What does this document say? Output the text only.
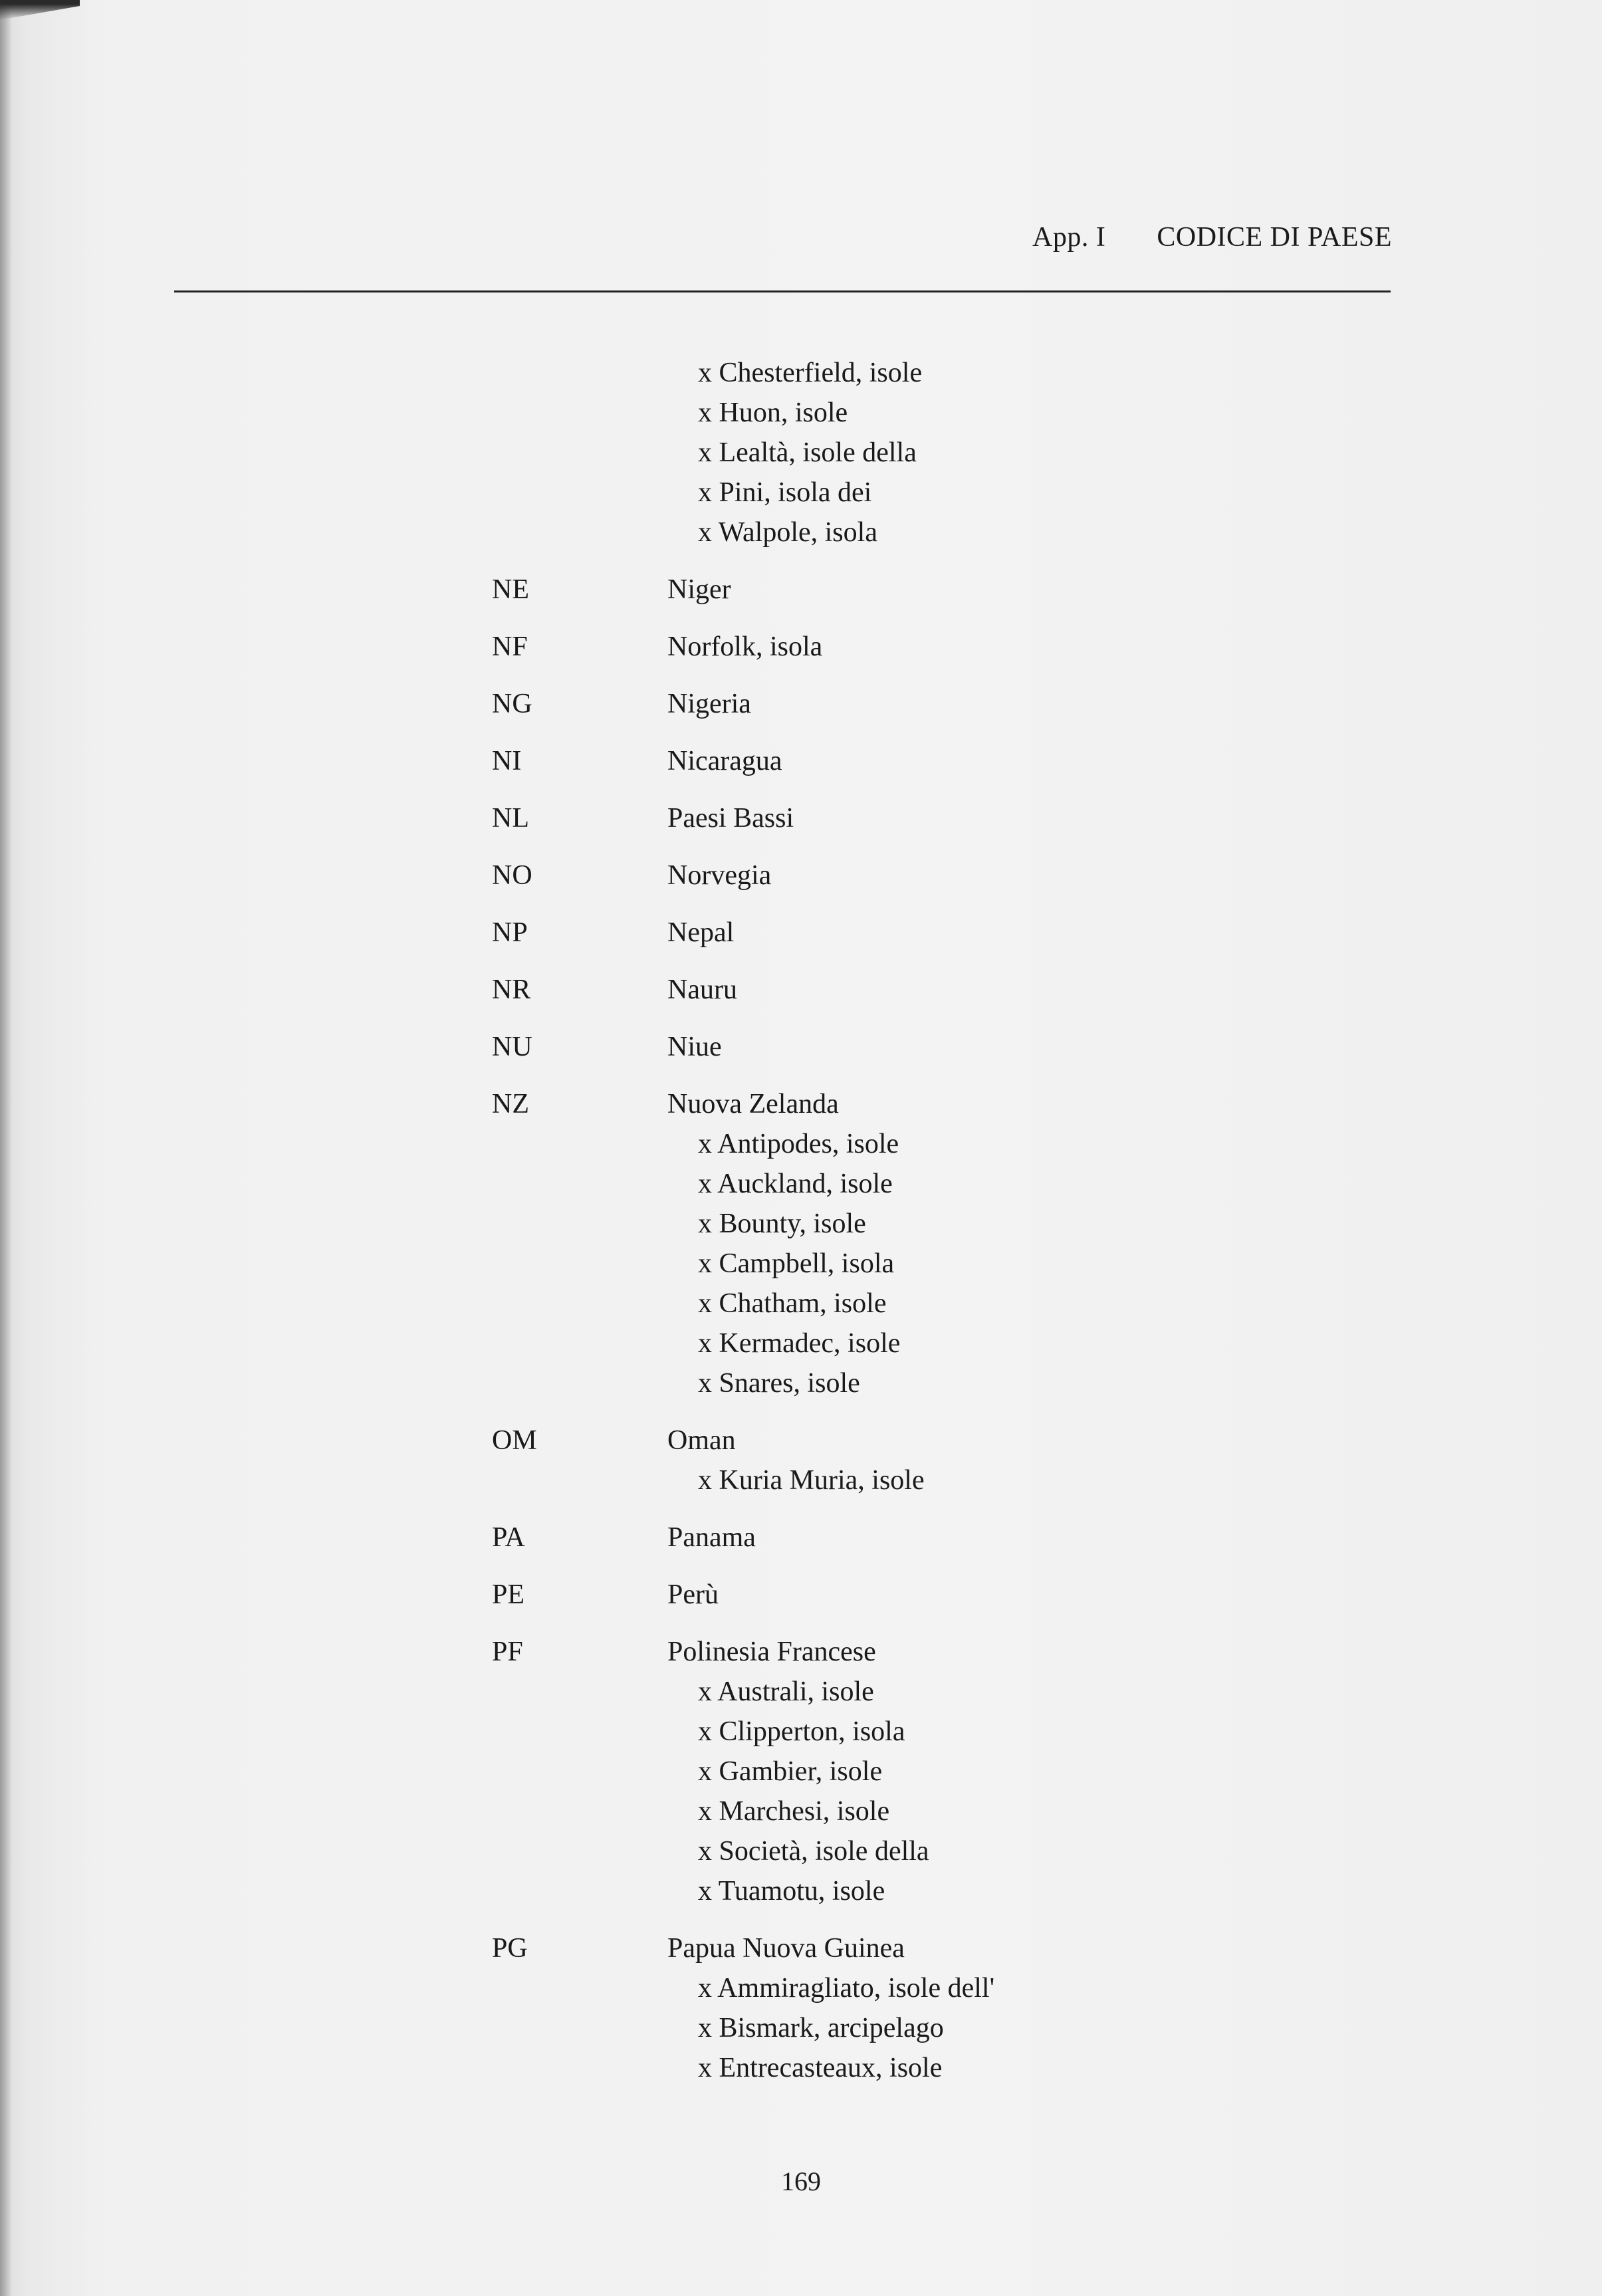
App. I CODICE DI PAESE
x Chesterfield, isole
x Huon, isole
x Lealtà, isole della
x Pini, isola dei
x Walpole, isola
NE	Niger
NF	Norfolk, isola
NG	Nigeria
NI	Nicaragua
NL	Paesi Bassi
NO	Norvegia
NP	Nepal
NR	Nauru
NU	Niue
NZ	Nuova Zelanda
x Antipodes, isole
x Auckland, isole
x Bounty, isole
x Campbell, isola
x Chatham, isole
x Kermadec, isole
x Snares, isole
OM	Oman
x Kuria Muria, isole
PA	Panama
PE	Perù
PF	Polinesia Francese
x Australi, isole
x Clipperton, isola
x Gambier, isole
x Marchesi, isole
x Società, isole della
x Tuamotu, isole
PG	Papua Nuova Guinea
x Ammiragliato, isole dell'
x Bismark, arcipelago
x Entrecasteaux, isole
169
